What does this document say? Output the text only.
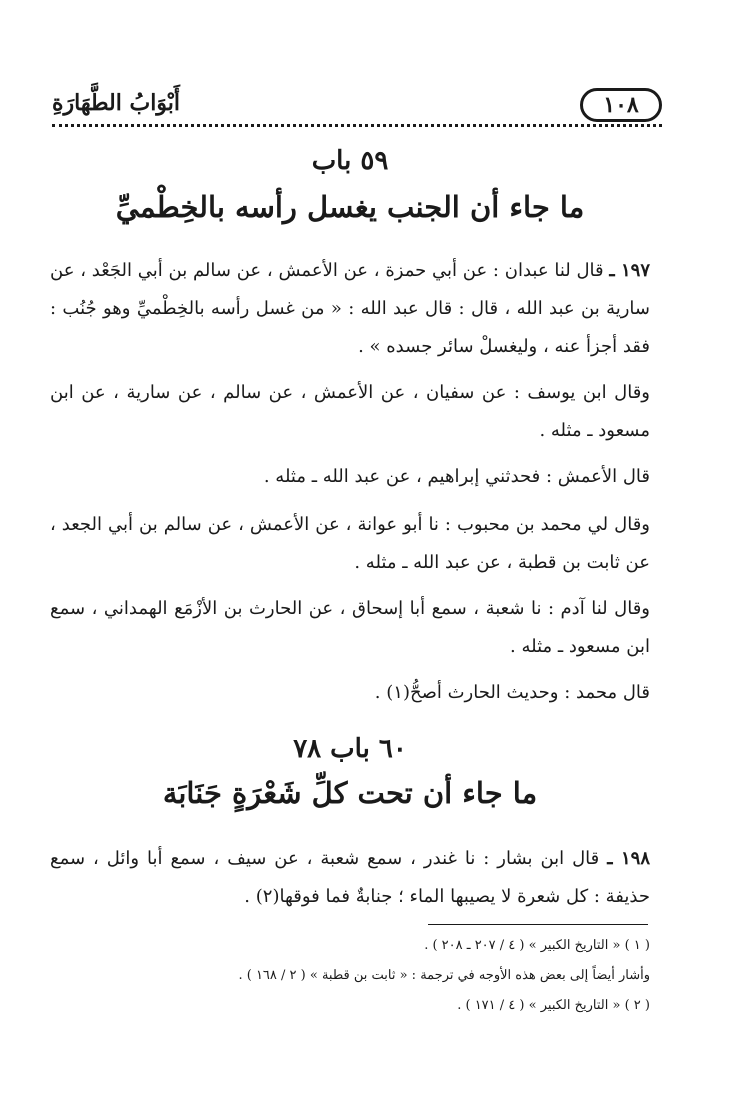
١٠٨
أَبْوَابُ الطَّهَارَةِ
٥٩ باب
ما جاء أن الجنب يغسل رأسه بالخِطْميِّ
١٩٧ ـ قال لنا عبدان : عن أبي حمزة ، عن الأعمش ، عن سالم بن أبي الجَعْد ، عن سارية بن عبد الله ، قال : قال عبد الله : « من غسل رأسه بالخِطْميِّ وهو جُنُب : فقد أجزأ عنه ، وليغسلْ سائر جسده » .
وقال ابن يوسف : عن سفيان ، عن الأعمش ، عن سالم ، عن سارية ، عن ابن مسعود ـ مثله .
قال الأعمش : فحدثني إبراهيم ، عن عبد الله ـ مثله .
وقال لي محمد بن محبوب : نا أبو عوانة ، عن الأعمش ، عن سالم بن أبي الجعد ، عن ثابت بن قطبة ، عن عبد الله ـ مثله .
وقال لنا آدم : نا شعبة ، سمع أبا إسحاق ، عن الحارث بن الأزْمَع الهمداني ، سمع ابن مسعود ـ مثله .
قال محمد : وحديث الحارث أصحُّ(١) .
٦٠ باب ٧٨
ما جاء أن تحت كلِّ شَعْرَةٍ جَنَابَة
١٩٨ ـ قال ابن بشار : نا غندر ، سمع شعبة ، عن سيف ، سمع أبا وائل ، سمع حذيفة : كل شعرة لا يصيبها الماء ؛ جنابةٌ فما فوقها(٢) .
( ١ ) « التاريخ الكبير » ( ٤ / ٢٠٧ ـ ٢٠٨ ) .
وأشار أيضاً إلى بعض هذه الأوجه في ترجمة : « ثابت بن قطبة » ( ٢ / ١٦٨ ) .
( ٢ ) « التاريخ الكبير » ( ٤ / ١٧١ ) .
